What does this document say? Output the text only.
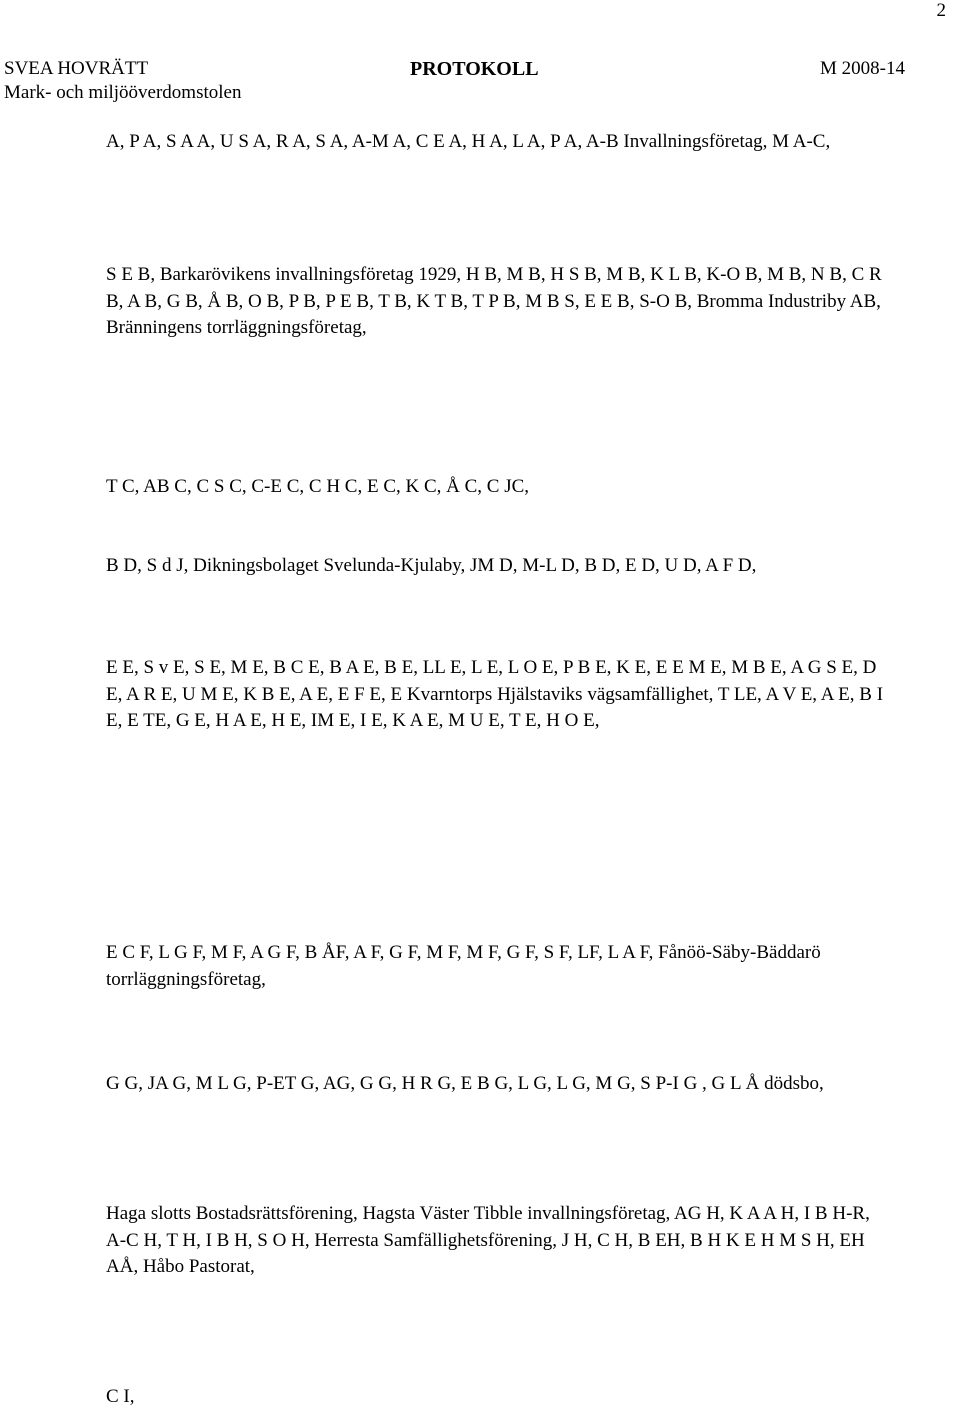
2
SVEA HOVRÄTT
Mark- och miljööverdomstolen
PROTOKOLL	M 2008-14

A, P A, S A A, U S A, R A, S A, A-M A, C E A, H A, L A, P A, A-B Invallningsföretag, M A-C,

S E B, Barkarövikens invallningsföretag 1929, H B, M B, H S B, M B, K L B, K-O B, M B, N B, C R B, A B, G B, Å B, O B, P B, P E B, T B, K T B, T P B, M B S, E E B, S-O B, Bromma Industriby AB, Bränningens torrläggningsföretag,

T C, AB C, C S C, C-E C, C H C, E C, K C, Å C, C JC,

B D, S d J, Dikningsbolaget Svelunda-Kjulaby, JM D, M-L D, B D, E D, U D, A F D,

E E, S v E, S E, M E, B C E, B A E, B E, LL E, L E, L O E, P B E, K E, E E M E, M B E, A G S E, D E, A R E, U M E, K B E, A E, E F E, E Kvarntorps Hjälstaviks vägsamfällighet, T LE, A V E, A E, B I E, E TE, G E, H A E, H E, IM E, I E, K A E, M U E, T E, H O E,

E C F, L G F, M F, A G F, B ÅF, A F, G F, M F, M F, G F, S F, LF, L A F, Fånöö-Säby-Bäddarö torrläggningsföretag,

G G, JA G, M L G, P-ET G, AG, G G, H R G, E B G, L G, L G, M G, S P-I G , G L Å dödsbo,

Haga slotts Bostadsrättsförening, Hagsta Väster Tibble invallningsföretag, AG H, K A A H, I B H-R, A-C H, T H, I B H, S O H, Herresta Samfällighetsförening, J H, C H, B EH, B H K E H M S H, EH AÅ, Håbo Pastorat,

C I,
